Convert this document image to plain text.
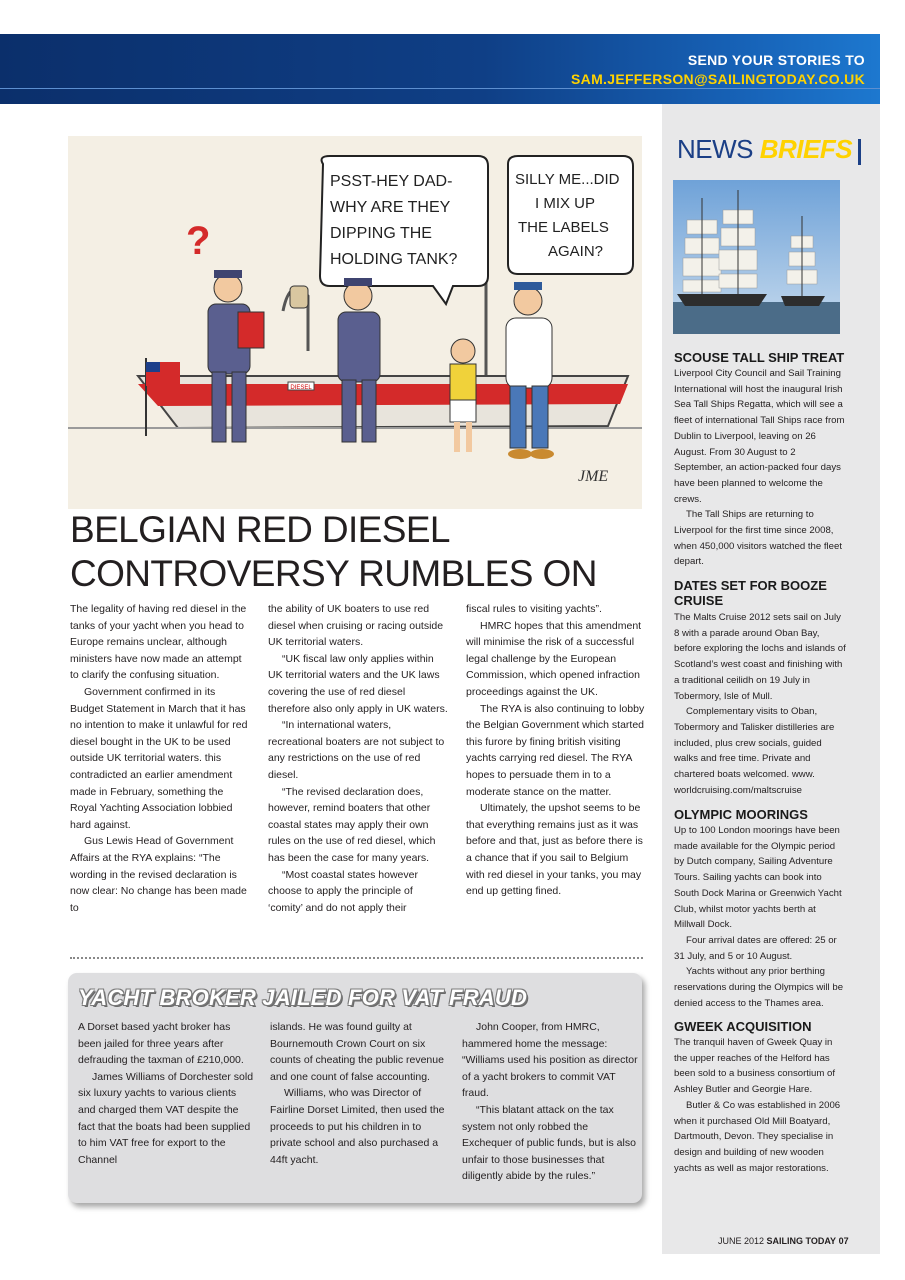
SEND YOUR STORIES TO
SAM.JEFFERSON@SAILINGTODAY.CO.UK
DIESEL
PSST-HEY DAD-
WHY ARE THEY
DIPPING THE
HOLDING TANK?
SILLY ME...DID
I MIX UP
THE LABELS
AGAIN?
?
JME
BELGIAN RED DIESEL
CONTROVERSY RUMBLES ON

The legality of having red diesel in the tanks of your yacht when you head to Europe remains unclear, although ministers have now made an attempt to clarify the confusing situation.

Government confirmed in its Budget Statement in March that it has no intention to make it unlawful for red diesel bought in the UK to be used outside UK territorial waters. this contradicted an earlier amendment made in February, something the Royal Yachting Association lobbied hard against.

Gus Lewis Head of Government Affairs at the RYA explains: “The wording in the revised declaration is now clear: No change has been made to

the ability of UK boaters to use red diesel when cruising or racing outside UK territorial waters.

“UK fiscal law only applies within UK territorial waters and the UK laws covering the use of red diesel therefore also only apply in UK waters.

“In international waters, recreational boaters are not subject to any restrictions on the use of red diesel.

“The revised declaration does, however, remind boaters that other coastal states may apply their own rules on the use of red diesel, which has been the case for many years.

“Most coastal states however choose to apply the principle of ‘comity’ and do not apply their

fiscal rules to visiting yachts”.

HMRC hopes that this amendment will minimise the risk of a successful legal challenge by the European Commission, which opened infraction proceedings against the UK.

The RYA is also continuing to lobby the Belgian Government which started this furore by fining british visiting yachts carrying red diesel. The RYA hopes to persuade them in to a moderate stance on the matter.

Ultimately, the upshot seems to be that everything remains just as it was before and that, just as before there is a chance that if you sail to Belgium with red diesel in your tanks, you may end up getting fined.

YACHT BROKER JAILED FOR VAT FRAUD

A Dorset based yacht broker has been jailed for three years after defrauding the taxman of £210,000.

James Williams of Dorchester sold six luxury yachts to various clients and charged them VAT despite the fact that the boats had been supplied to him VAT free for export to the Channel

islands. He was found guilty at Bournemouth Crown Court on six counts of cheating the public revenue and one count of false accounting.

Williams, who was Director of Fairline Dorset Limited, then used the proceeds to put his children in to private school and also purchased a 44ft yacht.

John Cooper, from HMRC, hammered home the message: “Williams used his position as director of a yacht brokers to commit VAT fraud.

“This blatant attack on the tax system not only robbed the Exchequer of public funds, but is also unfair to those businesses that diligently abide by the rules.”

NEWS BRIEFS
SCOUSE TALL SHIP TREAT
Liverpool City Council and Sail Training International will host the inaugural Irish Sea Tall Ships Regatta, which will see a fleet of international Tall Ships race from Dublin to Liverpool, leaving on 26 August. From 30 August to 2 September, an action-packed four days have been planned to welcome the crews.
The Tall Ships are returning to Liverpool for the first time since 2008, when 450,000 visitors watched the fleet depart.
DATES SET FOR BOOZE CRUISE
The Malts Cruise 2012 sets sail on July 8 with a parade around Oban Bay, before exploring the lochs and islands of Scotland’s west coast and finishing with a traditional ceilidh on 19 July in Tobermory, Isle of Mull.
Complementary visits to Oban, Tobermory and Talisker distilleries are included, plus crew socials, guided walks and free time. Private and chartered boats welcomed. www. worldcruising.com/maltscruise
OLYMPIC MOORINGS
Up to 100 London moorings have been made available for the Olympic period by Dutch company, Sailing Adventure Tours. Sailing yachts can book into South Dock Marina or Greenwich Yacht Club, whilst motor yachts berth at Millwall Dock.
Four arrival dates are offered: 25 or 31 July, and 5 or 10 August.
Yachts without any prior berthing reservations during the Olympics will be denied access to the Thames area.
GWEEK ACQUISITION
The tranquil haven of Gweek Quay in the upper reaches of the Helford has been sold to a business consortium of Ashley Butler and Georgie Hare.
Butler & Co was established in 2006 when it purchased Old Mill Boatyard, Dartmouth, Devon. They specialise in design and building of new wooden yachts as well as major restorations.
JUNE 2012 SAILING TODAY 07
